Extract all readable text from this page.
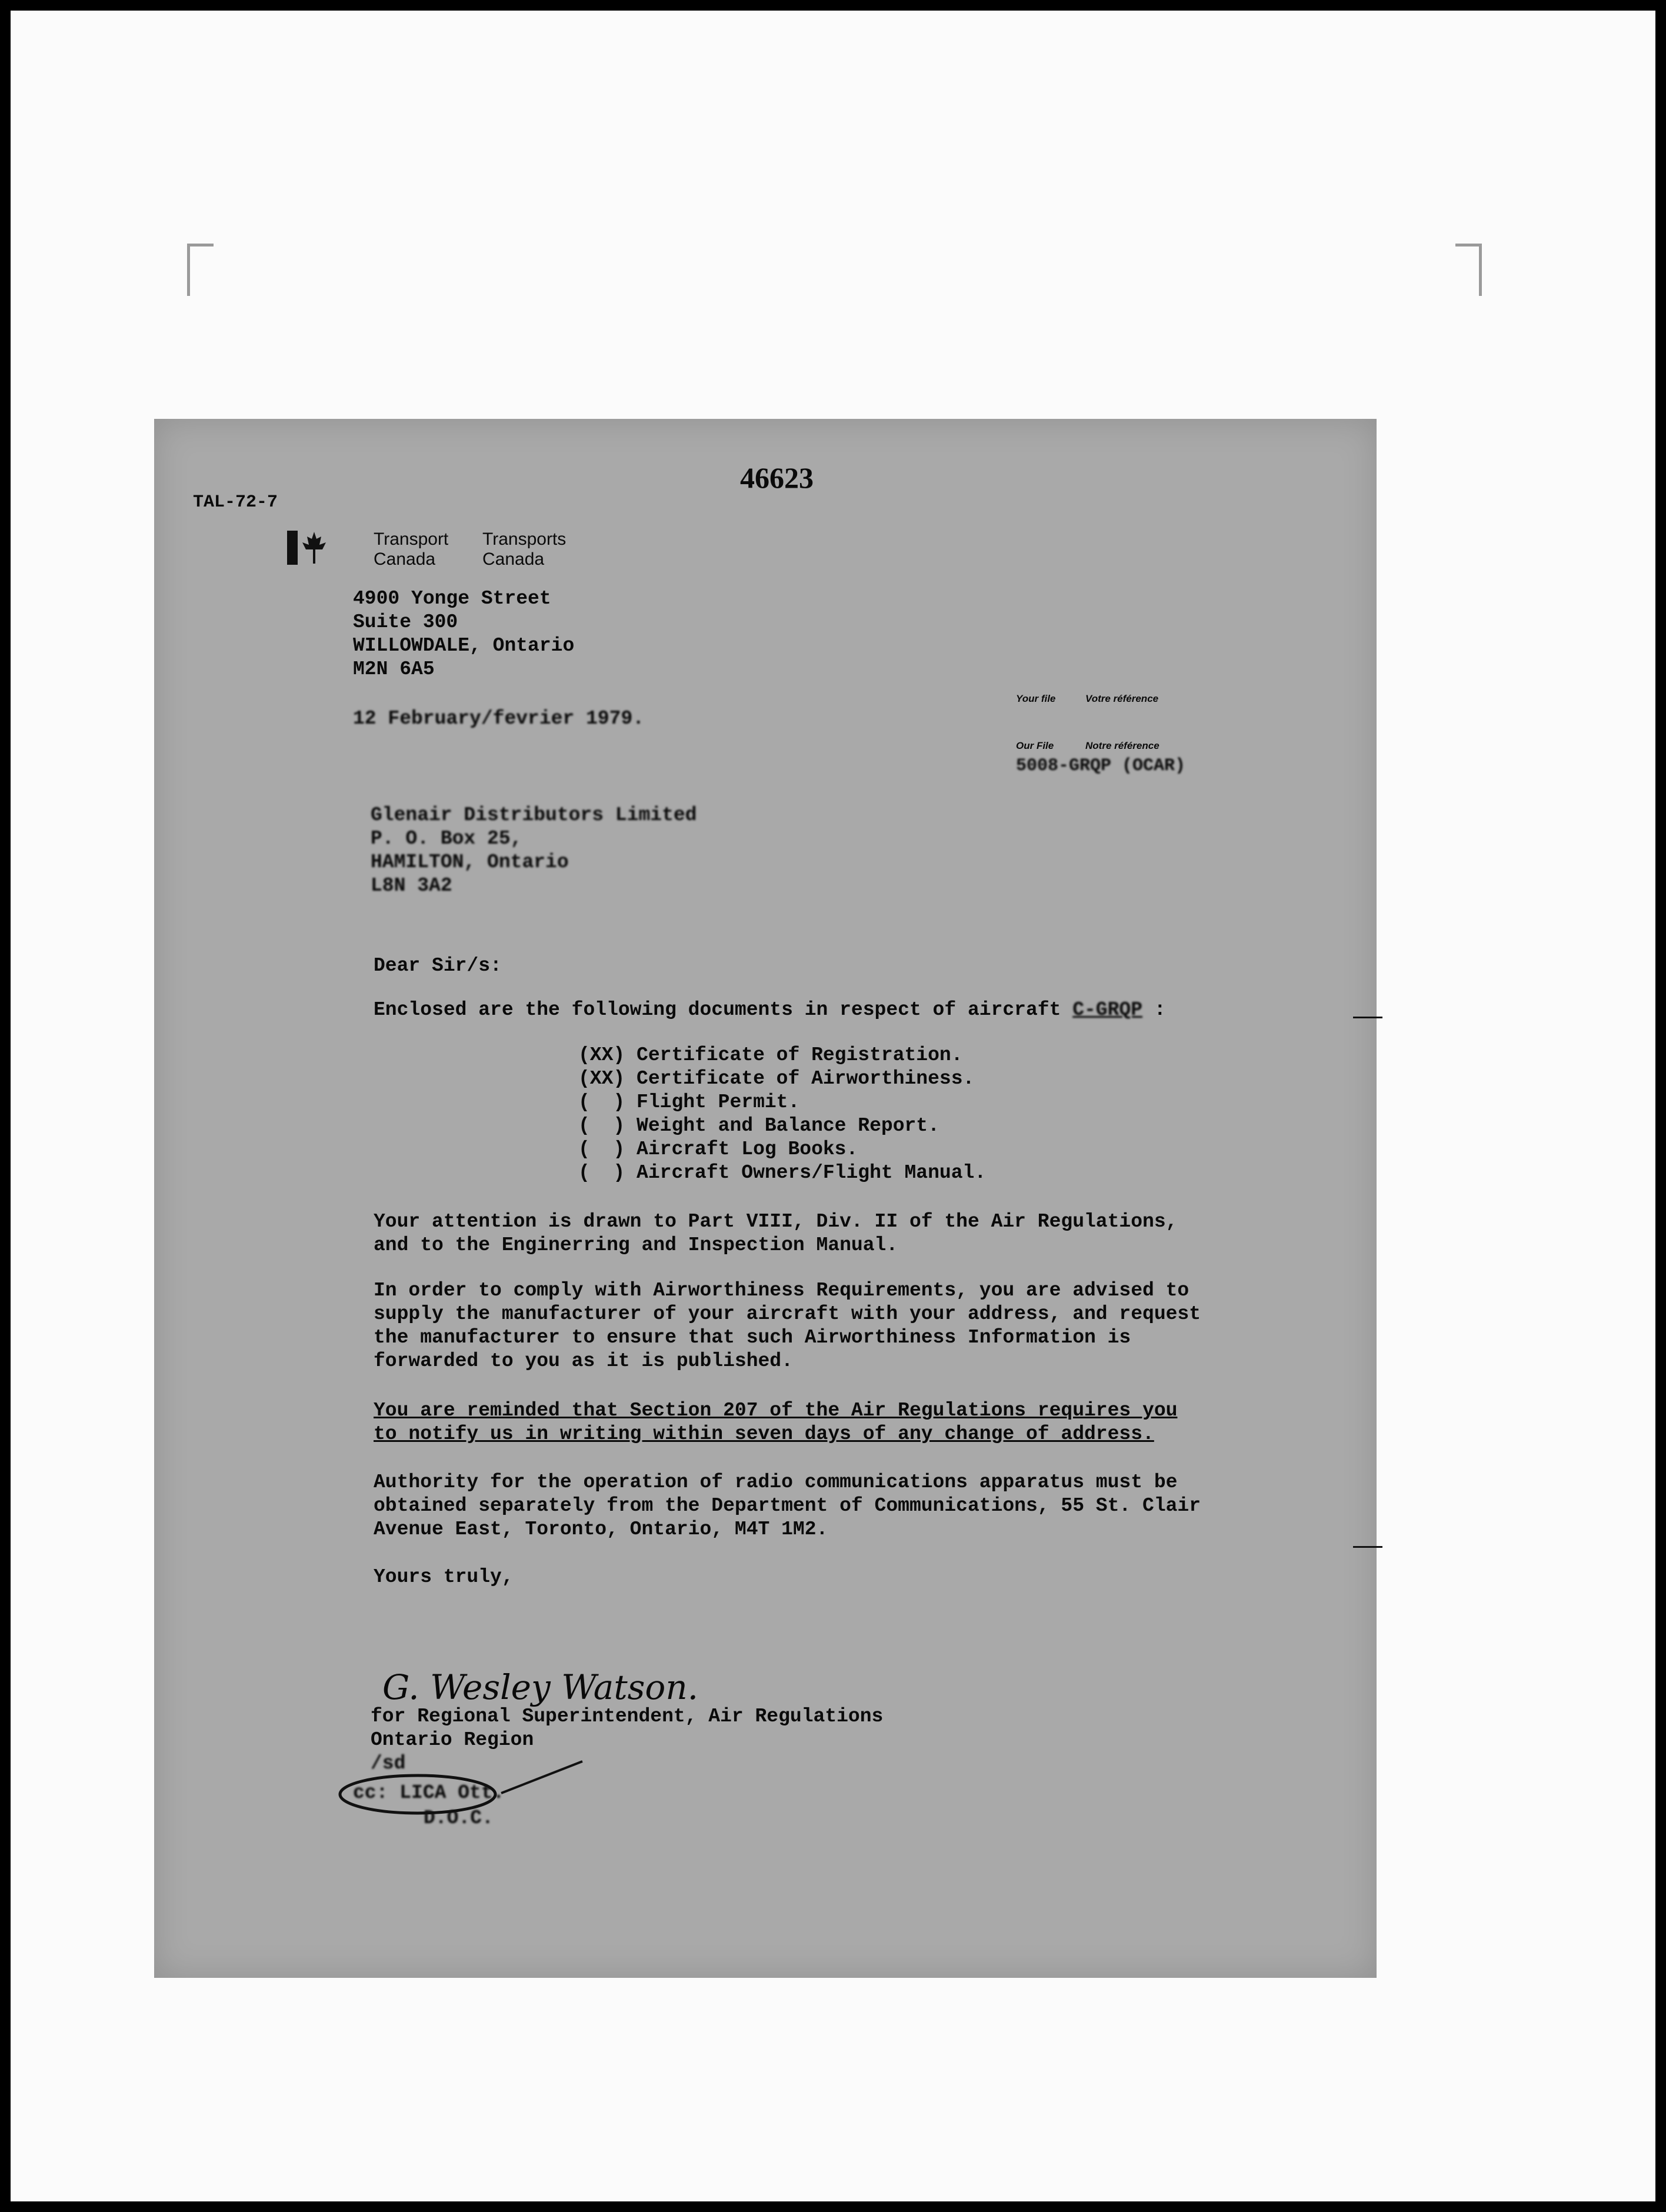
46623
TAL-72-7
Transport
Canada
Transports
Canada
4900 Yonge Street
Suite 300
WILLOWDALE, Ontario
M2N 6A5
12 February/fevrier 1979.
Your file	Votre référence
Our File	Notre référence
5008-GRQP (OCAR)
Glenair Distributors Limited
P. O. Box 25,
HAMILTON, Ontario
L8N 3A2
Dear Sir/s:
Enclosed are the following documents in respect of aircraft C-GRQP :
(XX) Certificate of Registration.
(XX) Certificate of Airworthiness.
(  ) Flight Permit.
(  ) Weight and Balance Report.
(  ) Aircraft Log Books.
(  ) Aircraft Owners/Flight Manual.
Your attention is drawn to Part VIII, Div. II of the Air Regulations,
and to the Enginerring and Inspection Manual.
In order to comply with Airworthiness Requirements, you are advised to
supply the manufacturer of your aircraft with your address, and request
the manufacturer to ensure that such Airworthiness Information is
forwarded to you as it is published.
You are reminded that Section 207 of the Air Regulations requires you
to notify us in writing within seven days of any change of address.
Authority for the operation of radio communications apparatus must be
obtained separately from the Department of Communications, 55 St. Clair
Avenue East, Toronto, Ontario, M4T 1M2.
Yours truly,
G. Wesley Watson.
for Regional Superintendent, Air Regulations
Ontario Region
/sd
cc: LICA Ott.
D.O.C.
